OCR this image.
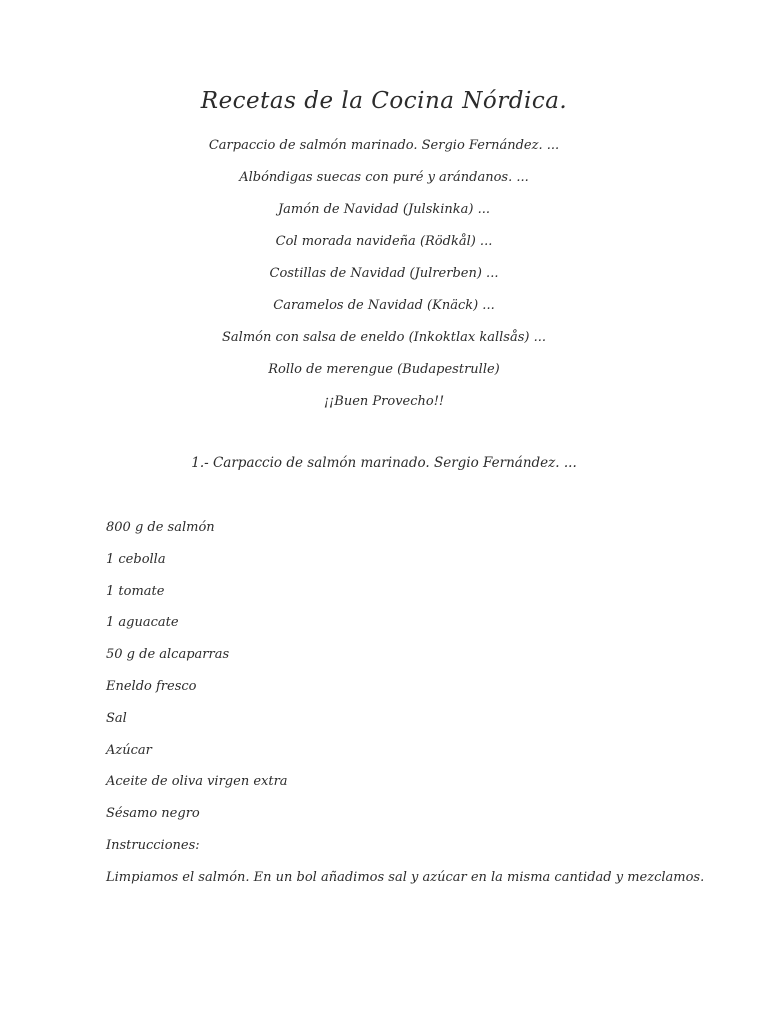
Recetas de la Cocina Nórdica.
Carpaccio de salmón marinado. Sergio Fernández. ...
Albóndigas suecas con puré y arándanos. ...
Jamón de Navidad (Julskinka) ...
Col morada navideña (Rödkål) ...
Costillas de Navidad (Julrerben) ...
Caramelos de Navidad (Knäck) ...
Salmón con salsa de eneldo (Inkoktlax kallsås) ...
Rollo de merengue (Budapestrulle)
¡¡Buen Provecho!!
1.- Carpaccio de salmón marinado. Sergio Fernández. ...
800 g de salmón
1 cebolla
1 tomate
1 aguacate
50 g de alcaparras
Eneldo fresco
Sal
Azúcar
Aceite de oliva virgen extra
Sésamo negro
Instrucciones:
Limpiamos el salmón. En un bol añadimos sal y azúcar en la misma cantidad y mezclamos.
